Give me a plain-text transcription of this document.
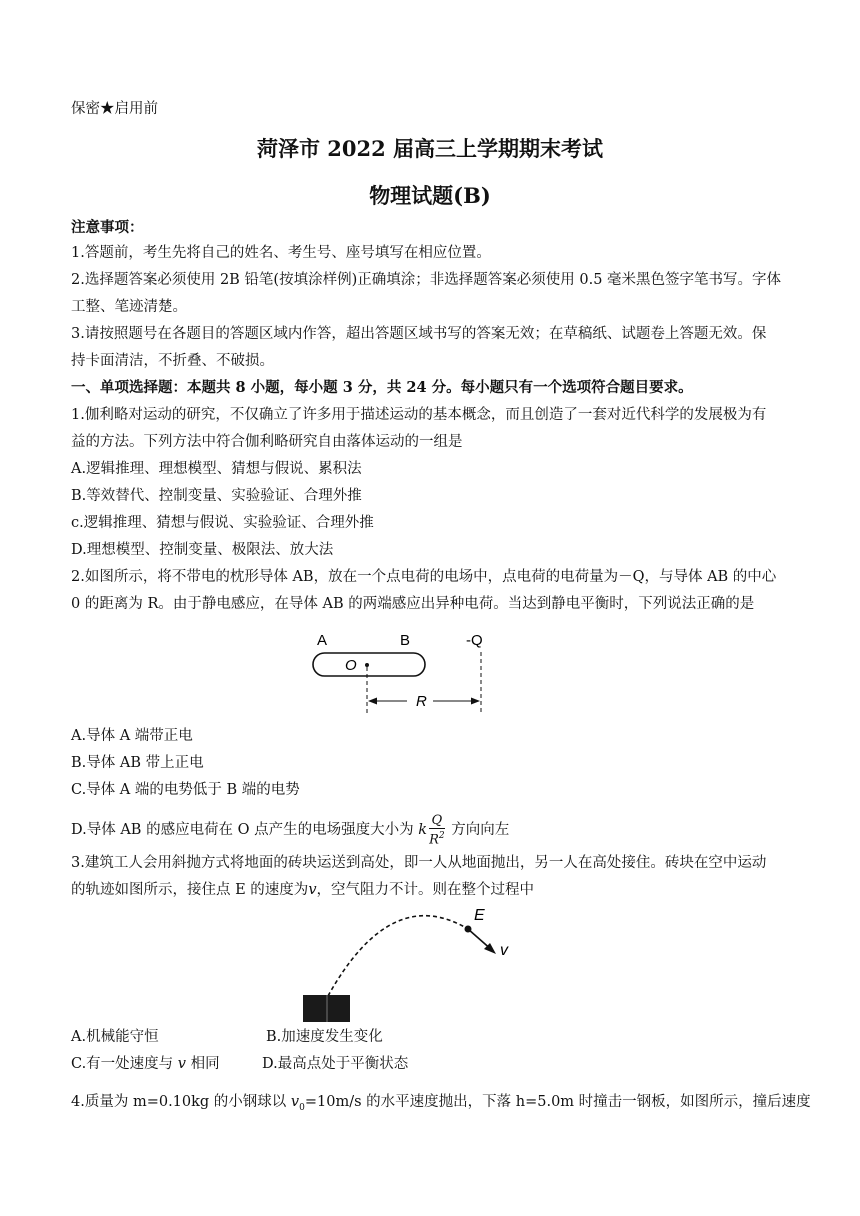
保密★启用前
菏泽市 2022 届高三上学期期末考试
物理试题(B)
注意事项：
1.答题前，考生先将自己的姓名、考生号、座号填写在相应位置。
2.选择题答案必须使用 2B 铅笔(按填涂样例)正确填涂；非选择题答案必须使用 0.5 毫米黑色签字笔书写。字体
工整、笔迹清楚。
3.请按照题号在各题目的答题区域内作答，超出答题区域书写的答案无效；在草稿纸、试题卷上答题无效。保
持卡面清洁，不折叠、不破损。
一、单项选择题：本题共 8 小题，每小题 3 分，共 24 分。每小题只有一个选项符合题目要求。
1.伽利略对运动的研究，不仅确立了许多用于描述运动的基本概念，而且创造了一套对近代科学的发展极为有
益的方法。下列方法中符合伽利略研究自由落体运动的一组是
A.逻辑推理、理想模型、猜想与假说、累积法
B.等效替代、控制变量、实验验证、合理外推
c.逻辑推理、猜想与假说、实验验证、合理外推
D.理想模型、控制变量、极限法、放大法
2.如图所示，将不带电的枕形导体 AB，放在一个点电荷的电场中，点电荷的电荷量为－Q，与导体 AB 的中心
0 的距离为 R。由于静电感应，在导体 AB 的两端感应出异种电荷。当达到静电平衡时，下列说法正确的是
A	B	-Q
O
R
A.导体 A 端带正电
B.导体 AB 带上正电
C.导体 A 端的电势低于 B 端的电势
D.导体 AB 的感应电荷在 O 点产生的电场强度大小为 k $\frac{Q}{R^2}$ 方向向左
3.建筑工人会用斜抛方式将地面的砖块运送到高处，即一人从地面抛出，另一人在高处接住。砖块在空中运动
的轨迹如图所示，接住点 E 的速度为v，空气阻力不计。则在整个过程中
E
v
A.机械能守恒	B.加速度发生变化
C.有一处速度与 v 相同	D.最高点处于平衡状态
4.质量为 m=0.10kg 的小钢球以 $v_0=10m/s$ 的水平速度抛出，下落 h=5.0m 时撞击一钢板，如图所示，撞后速度
